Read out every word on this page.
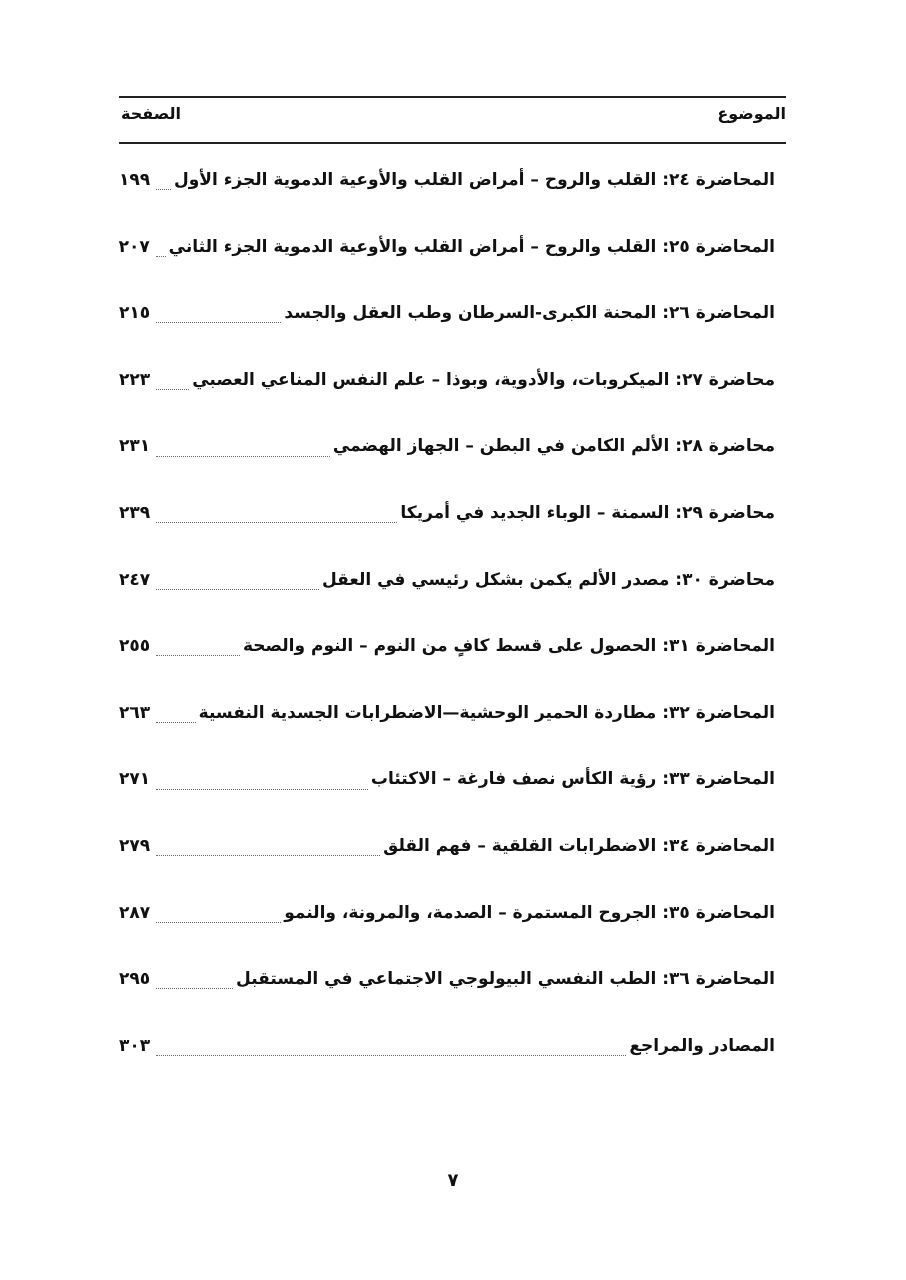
الموضوع
الصفحة
المحاضرة ٢٤: القلب والروح – أمراض القلب والأوعية الدموية الجزء الأول
١٩٩
المحاضرة ٢٥: القلب والروح – أمراض القلب والأوعية الدموية الجزء الثاني
٢٠٧
المحاضرة ٢٦: المحنة الكبرى-السرطان وطب العقل والجسد
٢١٥
محاضرة ٢٧: الميكروبات، والأدوية، وبوذا – علم النفس المناعي العصبي
٢٢٣
محاضرة ٢٨: الألم الكامن في البطن – الجهاز الهضمي
٢٣١
محاضرة ٢٩: السمنة – الوباء الجديد في أمريكا
٢٣٩
محاضرة ٣٠: مصدر الألم يكمن بشكل رئيسي في العقل
٢٤٧
المحاضرة ٣١: الحصول على قسط كافٍ من النوم – النوم والصحة
٢٥٥
المحاضرة ٣٢: مطاردة الحمير الوحشية—الاضطرابات الجسدية النفسية
٢٦٣
المحاضرة ٣٣: رؤية الكأس نصف فارغة – الاكتئاب
٢٧١
المحاضرة ٣٤: الاضطرابات القلقية – فهم القلق
٢٧٩
المحاضرة ٣٥: الجروح المستمرة – الصدمة، والمرونة، والنمو
٢٨٧
المحاضرة ٣٦: الطب النفسي البيولوجي الاجتماعي في المستقبل
٢٩٥
المصادر والمراجع
٣٠٣
٧
